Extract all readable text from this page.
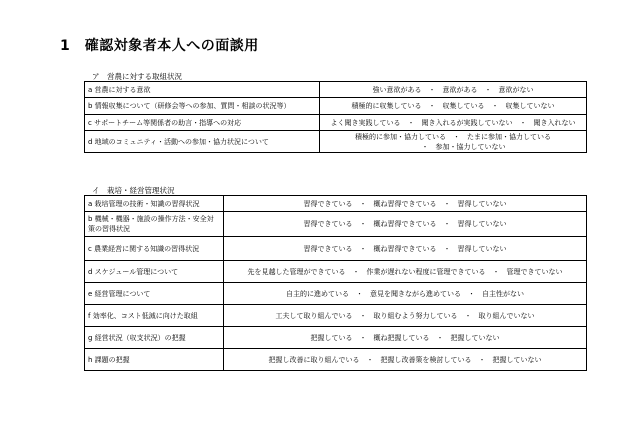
1　確認対象者本人への面談用
ア　営農に対する取組状況
a 営農に対する意欲	強い意欲がある　・　意欲がある　・　意欲がない
b 情報収集について（研修会等への参加、質問・相談の状況等）	積極的に収集している　・　収集している　・　収集していない
c サポートチーム等関係者の助言・指導への対応	よく聞き実践している　・　聞き入れるが実践していない　・　聞き入れない
d 地域のコミュニティ・活動への参加・協力状況について	積極的に参加・協力している　・　たまに参加・協力している
　　　・　参加・協力していない
イ　栽培・経営管理状況
a 栽培管理の技術・知識の習得状況	習得できている　・　概ね習得できている　・　習得していない
b 機械・機器・施設の操作方法・安全対策の習得状況	習得できている　・　概ね習得できている　・　習得していない
c 農業経営に関する知識の習得状況	習得できている　・　概ね習得できている　・　習得していない
d スケジュール管理について	先を見越した管理ができている　・　作業が遅れない程度に管理できている　・　管理できていない
e 経営管理について	自主的に進めている　・　意見を聞きながら進めている　・　自主性がない
f 効率化、コスト低減に向けた取組	工夫して取り組んでいる　・　取り組むよう努力している　・　取り組んでいない
g 経営状況（収支状況）の把握	把握している　・　概ね把握している　・　把握していない
h 課題の把握	把握し改善に取り組んでいる　・　把握し改善策を検討している　・　把握していない
